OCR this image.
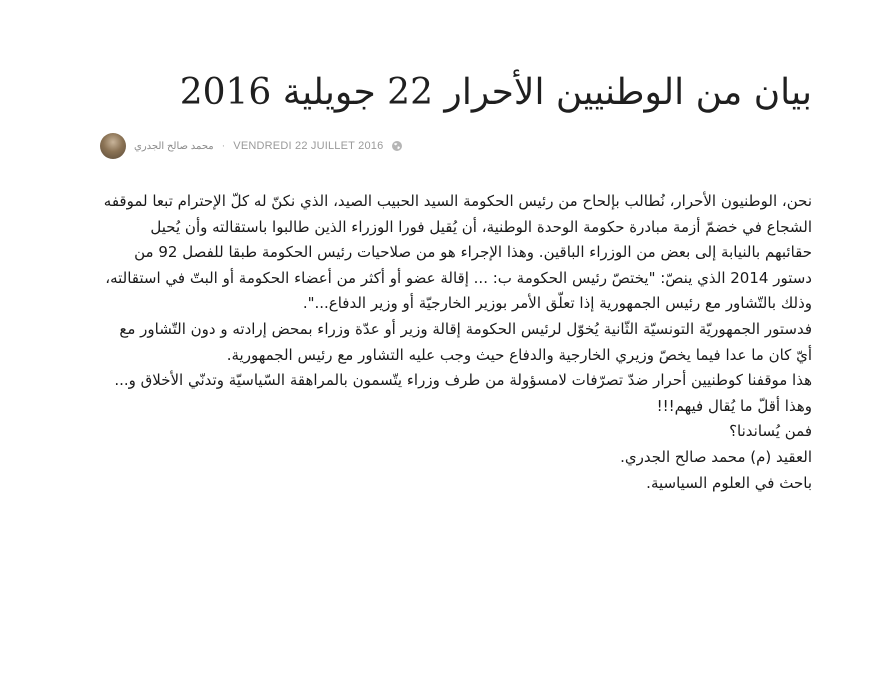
بيان من الوطنيين الأحرار 22 جويلية 2016
محمد صالح الجدري · VENDREDI 22 JUILLET 2016

نحن، الوطنيون الأحرار، نُطالب بإلحاح من رئيس الحكومة السيد الحبيب الصيد، الذي نكنّ له كلّ الإحترام تبعا لموقفه الشجاع في خضمّ أزمة مبادرة حكومة الوحدة الوطنية، أن يُقيل فورا الوزراء الذين طالبوا باستقالته وأن يُحيل حقائبهم بالنيابة إلى بعض من الوزراء الباقين. وهذا الإجراء هو من صلاحيات رئيس الحكومة طبقا للفصل 92 من دستور 2014 الذي ينصّ: "يختصّ رئيس الحكومة ب: ... إقالة عضو أو أكثر من أعضاء الحكومة أو البتّ في استقالته، وذلك بالتّشاور مع رئيس الجمهورية إذا تعلّق الأمر بوزير الخارجيّة أو وزير الدفاع...".

فدستور الجمهوريّة التونسيّة الثّانية يُخوّل لرئيس الحكومة إقالة وزير أو عدّة وزراء بمحض إرادته و دون التّشاور مع أيّ كان ما عدا فيما يخصّ وزيري الخارجية والدفاع حيث وجب عليه التشاور مع رئيس الجمهورية.

هذا موقفنا كوطنيين أحرار ضدّ تصرّفات لامسؤولة من طرف وزراء يتّسمون بالمراهقة السّياسيّة وتدنّي الأخلاق و... وهذا أقلّ ما يُقال فيهم!!!

فمن يُساندنا؟

العقيد (م) محمد صالح الجدري.

باحث في العلوم السياسية.
